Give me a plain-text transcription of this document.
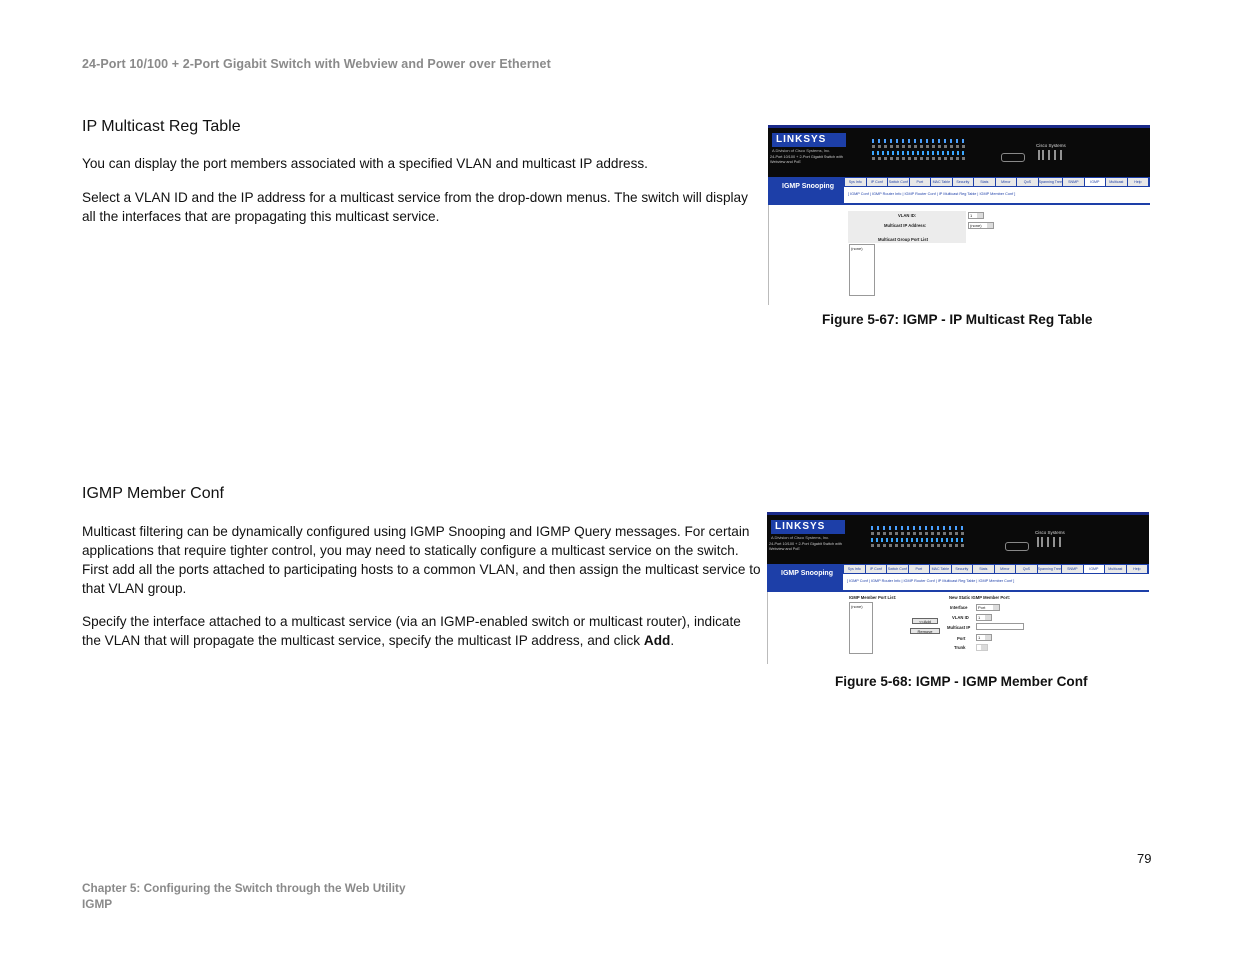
24-Port 10/100 + 2-Port Gigabit Switch with Webview and Power over Ethernet
IP Multicast Reg Table
You can display the port members associated with a specified VLAN and multicast IP address.
Select a VLAN ID and the IP address for a multicast service from the drop-down menus. The switch will display all the interfaces that are propagating this multicast service.
LINKSYS
A Division of Cisco Systems, Inc.
24-Port 10/100 + 2-Port Gigabit Switch with Webview and PoE
Cisco Systems
IGMP Snooping
Sys Info	IP Conf	Switch Conf	Port	MAC Table	Security	Stats	Mirror	QoS	Spanning Tree	SNMP	IGMP	Multicast	Help
[ IGMP Conf | IGMP Router Info | IGMP Router Conf | IP Multicast Reg Table | IGMP Member Conf ]
VLAN ID:	1
Multicast IP Address:	(none)
Multicast Group Port List
(none)
Figure 5-67: IGMP - IP Multicast Reg Table
IGMP Member Conf
Multicast filtering can be dynamically configured using IGMP Snooping and IGMP Query messages. For certain applications that require tighter control, you may need to statically configure a multicast service on the switch. First add all the ports attached to participating hosts to a common VLAN, and then assign the multicast service to that VLAN group.
Specify the interface attached to a multicast service (via an IGMP-enabled switch or multicast router), indicate the VLAN that will propagate the multicast service, specify the multicast IP address, and click Add.
LINKSYS
A Division of Cisco Systems, Inc.
24-Port 10/100 + 2-Port Gigabit Switch with Webview and PoE
Cisco Systems
IGMP Snooping
Sys Info	IP Conf	Switch Conf	Port	MAC Table	Security	Stats	Mirror	QoS	Spanning Tree	SNMP	IGMP	Multicast	Help
[ IGMP Conf | IGMP Router Info | IGMP Router Conf | IP Multicast Reg Table | IGMP Member Conf ]
IGMP Member Port List:
(none)
<<Add
Remove
New Static IGMP Member Port:
Interface	Port
VLAN ID	1
Multicast IP
Port	1
Trunk
Figure 5-68: IGMP - IGMP Member Conf
79
Chapter 5: Configuring the Switch through the Web Utility
IGMP
